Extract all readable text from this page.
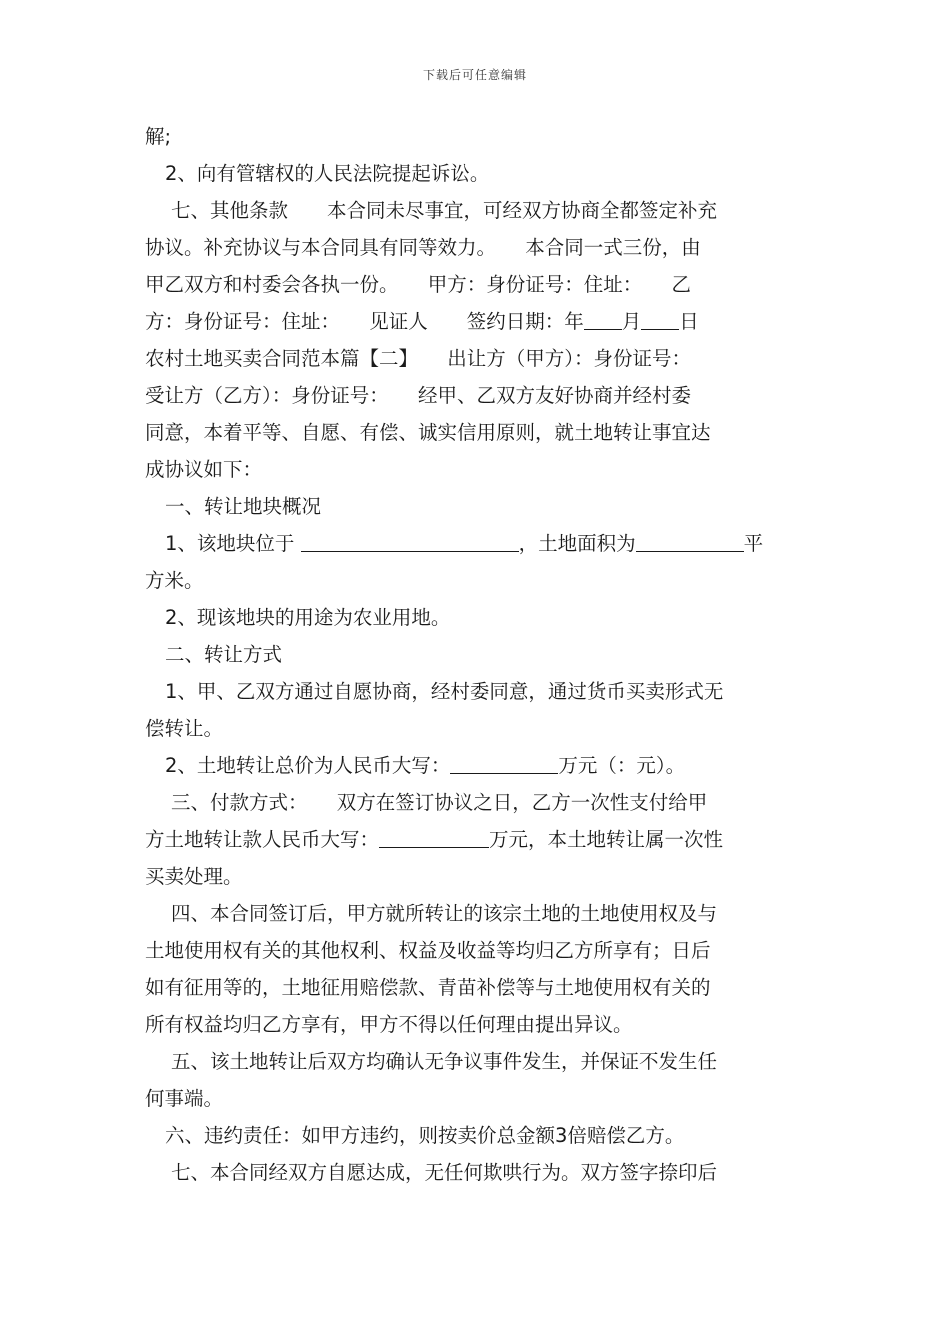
下载后可任意编辑
解;
2、向有管辖权的人民法院提起诉讼。
七、其他条款　　本合同未尽事宜，可经双方协商全都签定补充
协议。补充协议与本合同具有同等效力。　　本合同一式三份，由
甲乙双方和村委会各执一份。　　甲方：身份证号：住址：　　乙
方：身份证号：住址：　　见证人　　签约日期：年 月 日
农村土地买卖合同范本篇【二】　　出让方（甲方）：身份证号：
受让方（乙方）：身份证号：　　经甲、乙双方友好协商并经村委
同意，本着平等、自愿、有偿、诚实信用原则，就土地转让事宜达
成协议如下：
一、转让地块概况
1、该地块位于	，土地面积为	平
方米。
2、现该地块的用途为农业用地。
二、转让方式
1、甲、乙双方通过自愿协商，经村委同意，通过货币买卖形式无
偿转让。
2、土地转让总价为人民币大写：	万元（：元）。
三、付款方式：　　双方在签订协议之日，乙方一次性支付给甲
方土地转让款人民币大写：	万元，本土地转让属一次性
买卖处理。
四、本合同签订后，甲方就所转让的该宗土地的土地使用权及与
土地使用权有关的其他权利、权益及收益等均归乙方所享有；日后
如有征用等的，土地征用赔偿款、青苗补偿等与土地使用权有关的
所有权益均归乙方享有，甲方不得以任何理由提出异议。
五、该土地转让后双方均确认无争议事件发生，并保证不发生任
何事端。
六、违约责任：如甲方违约，则按卖价总金额3倍赔偿乙方。
七、本合同经双方自愿达成，无任何欺哄行为。双方签字捺印后
